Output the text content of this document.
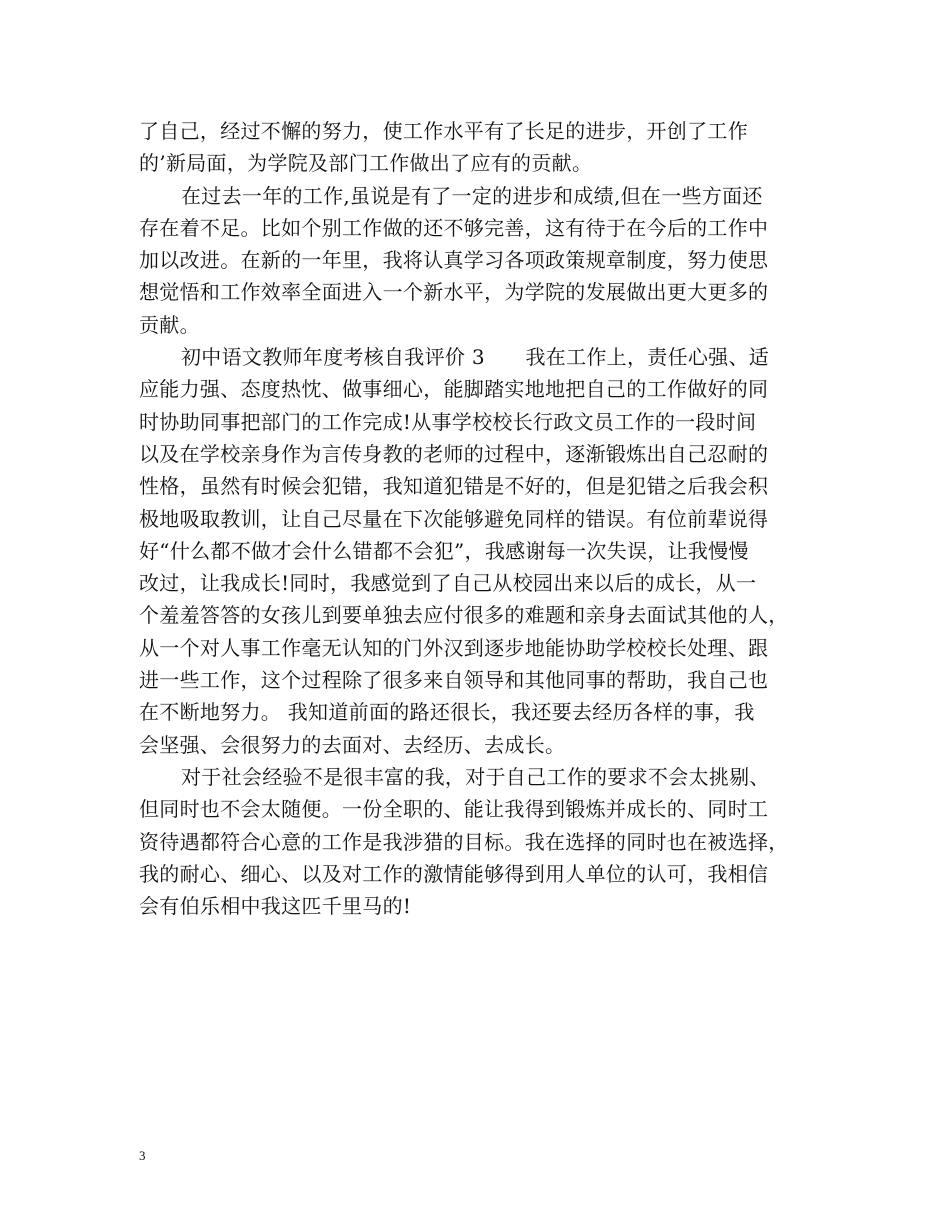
了自己，经过不懈的努力，使工作水平有了长足的进步，开创了工作
的’新局面，为学院及部门工作做出了应有的贡献。
在过去一年的工作,虽说是有了一定的进步和成绩,但在一些方面还
存在着不足。比如个别工作做的还不够完善，这有待于在今后的工作中
加以改进。在新的一年里，我将认真学习各项政策规章制度，努力使思
想觉悟和工作效率全面进入一个新水平，为学院的发展做出更大更多的
贡献。
初中语文教师年度考核自我评价 3　　我在工作上，责任心强、适
应能力强、态度热忱、做事细心，能脚踏实地地把自己的工作做好的同
时协助同事把部门的工作完成!从事学校校长行政文员工作的一段时间
以及在学校亲身作为言传身教的老师的过程中，逐渐锻炼出自己忍耐的
性格，虽然有时候会犯错，我知道犯错是不好的，但是犯错之后我会积
极地吸取教训，让自己尽量在下次能够避免同样的错误。有位前辈说得
好“什么都不做才会什么错都不会犯”，我感谢每一次失误，让我慢慢
改过，让我成长!同时，我感觉到了自己从校园出来以后的成长，从一
个羞羞答答的女孩儿到要单独去应付很多的难题和亲身去面试其他的人，
从一个对人事工作毫无认知的门外汉到逐步地能协助学校校长处理、跟
进一些工作，这个过程除了很多来自领导和其他同事的帮助，我自己也
在不断地努力。 我知道前面的路还很长，我还要去经历各样的事，我
会坚强、会很努力的去面对、去经历、去成长。
对于社会经验不是很丰富的我，对于自己工作的要求不会太挑剔、
但同时也不会太随便。一份全职的、能让我得到锻炼并成长的、同时工
资待遇都符合心意的工作是我涉猎的目标。我在选择的同时也在被选择，
我的耐心、细心、以及对工作的激情能够得到用人单位的认可，我相信
会有伯乐相中我这匹千里马的!
3
